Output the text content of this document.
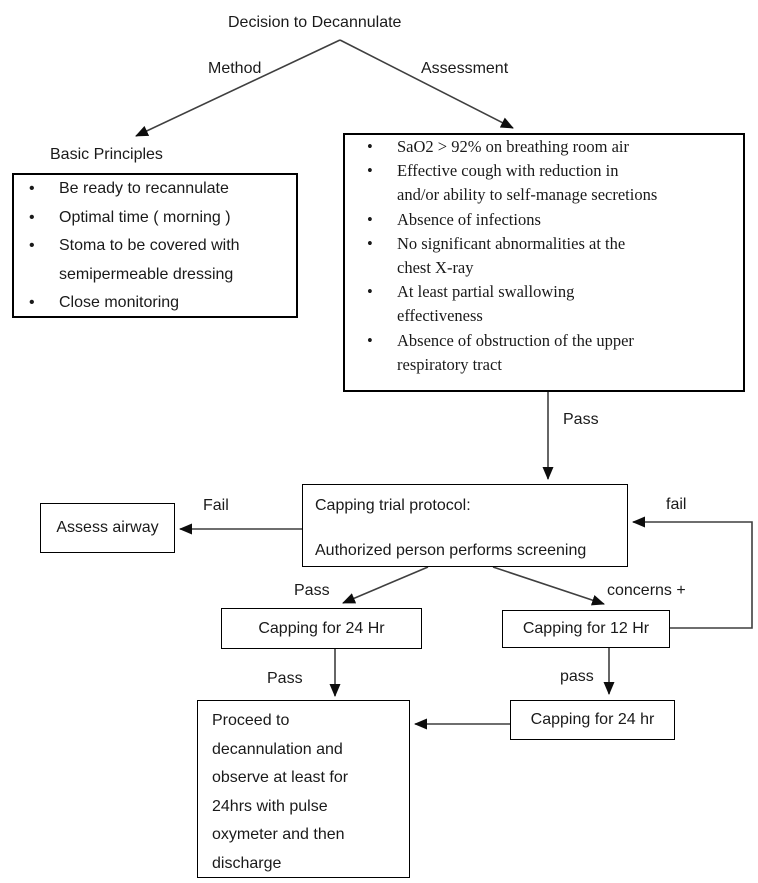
Decision to Decannulate
Method	Assessment
Basic Principles
• Be ready to recannulate
• Optimal time ( morning )
• Stoma to be covered with
semipermeable dressing
• Close monitoring
• SaO2 > 92% on breathing room air
• Effective cough with reduction in
and/or ability to self-manage secretions
• Absence of infections
• No significant abnormalities at the
chest X-ray
• At least partial swallowing
effectiveness
• Absence of obstruction of the upper
respiratory tract
Pass
Fail	fail
Pass	concerns +
Pass	pass
Capping trial protocol:
Authorized person performs screening
Assess airway
Capping for 24 Hr	Capping for 12 Hr
Capping for 24 hr
Proceed to
decannulation and
observe at least for
24hrs with pulse
oxymeter and then
discharge
